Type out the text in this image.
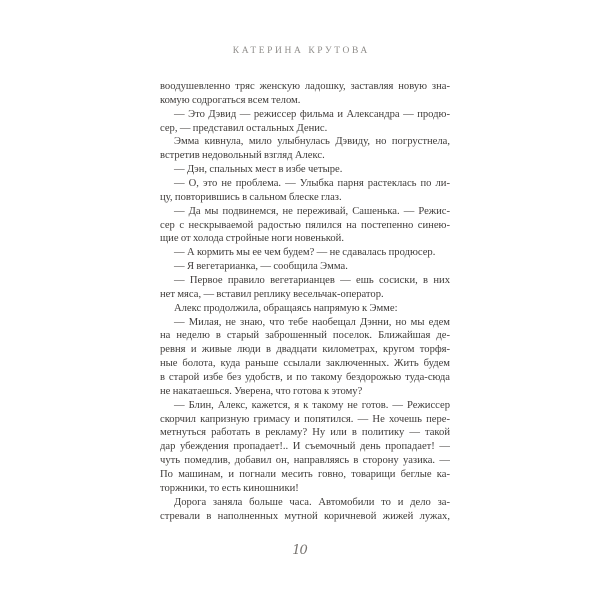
КАТЕРИНА КРУТОВА
воодушевленно тряс женскую ладошку, заставляя новую зна-
комую содрогаться всем телом.
— Это Дэвид — режиссер фильма и Александра — продю-
сер, — представил остальных Денис.
Эмма кивнула, мило улыбнулась Дэвиду, но погрустнела,
встретив недовольный взгляд Алекс.
— Дэн, спальных мест в избе четыре.
— О, это не проблема. — Улыбка парня растеклась по ли-
цу, повторившись в сальном блеске глаз.
— Да мы подвинемся, не переживай, Сашенька. — Режис-
сер с нескрываемой радостью пялился на постепенно синею-
щие от холода стройные ноги новенькой.
— А кормить мы ее чем будем? — не сдавалась продюсер.
— Я вегетарианка, — сообщила Эмма.
— Первое правило вегетарианцев — ешь сосиски, в них
нет мяса, — вставил реплику весельчак-оператор.
Алекс продолжила, обращаясь напрямую к Эмме:
— Милая, не знаю, что тебе наобещал Дэнни, но мы едем
на неделю в старый заброшенный поселок. Ближайшая де-
ревня и живые люди в двадцати километрах, кругом торфя-
ные болота, куда раньше ссылали заключенных. Жить будем
в старой избе без удобств, и по такому бездорожью туда-сюда
не накатаешься. Уверена, что готова к этому?
— Блин, Алекс, кажется, я к такому не готов. — Режиссер
скорчил капризную гримасу и попятился. — Не хочешь пере-
метнуться работать в рекламу? Ну или в политику — такой
дар убеждения пропадает!.. И съемочный день пропадает! —
чуть помедлив, добавил он, направляясь в сторону уазика. —
По машинам, и погнали месить говно, товарищи беглые ка-
торжники, то есть киношники!
Дорога заняла больше часа. Автомобили то и дело за-
стревали в наполненных мутной коричневой жижей лужах,
10
